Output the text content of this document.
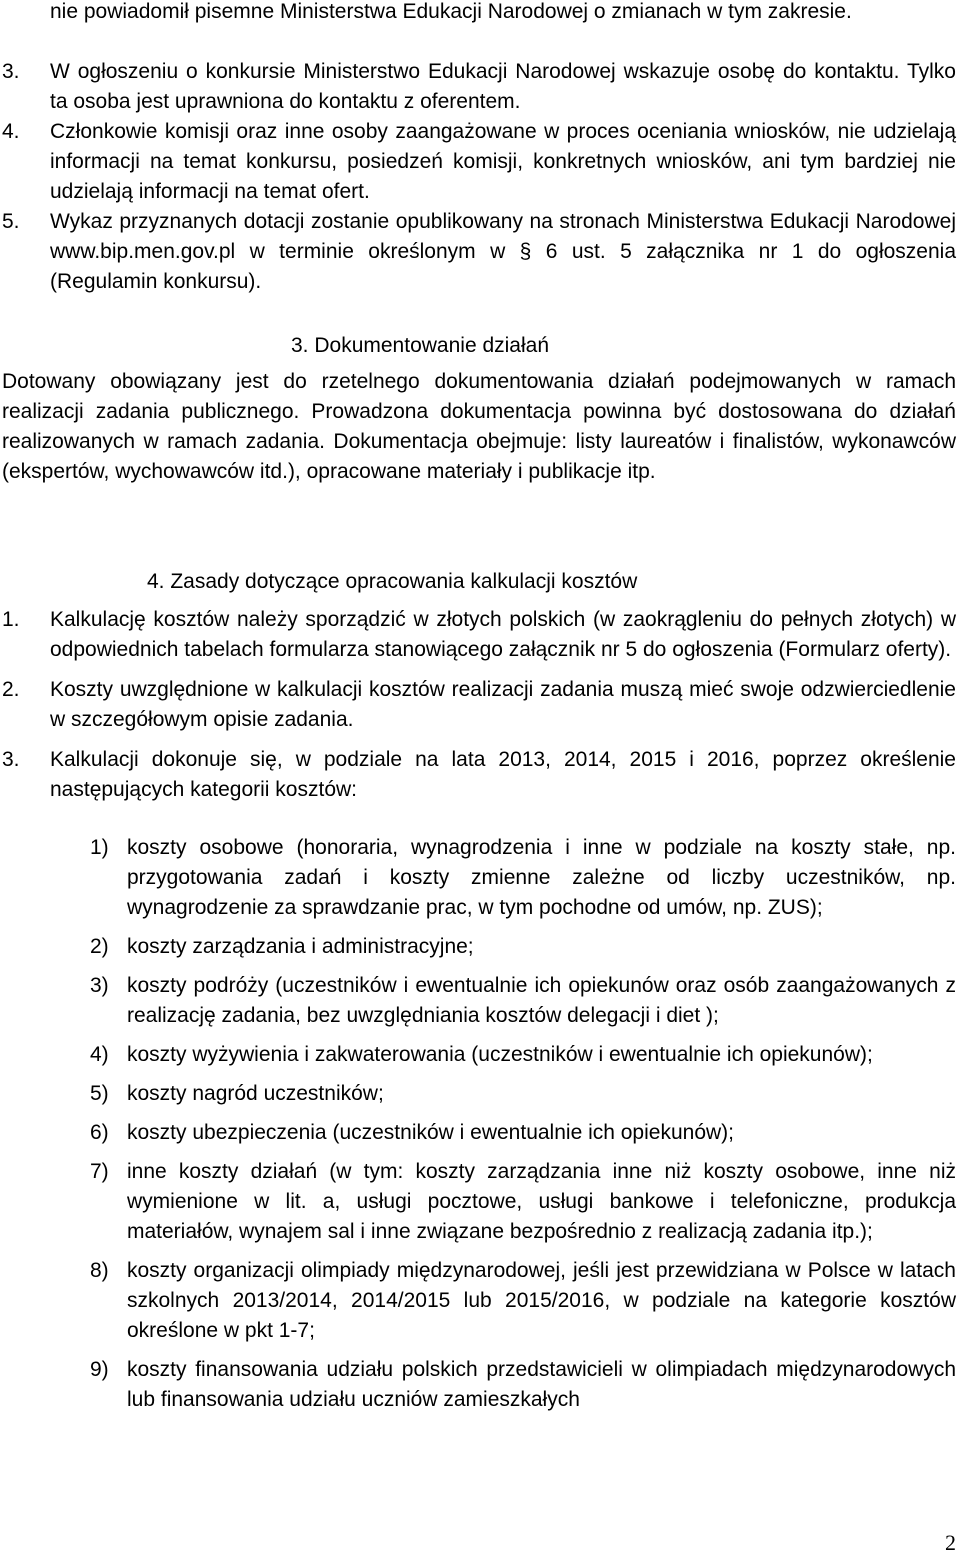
nie powiadomił pisemne Ministerstwa Edukacji Narodowej o zmianach w tym zakresie.
3.	W ogłoszeniu o konkursie Ministerstwo Edukacji Narodowej wskazuje osobę do kontaktu. Tylko ta osoba jest uprawniona do kontaktu z oferentem.
4.	Członkowie komisji oraz inne osoby zaangażowane w proces oceniania wniosków, nie udzielają informacji na temat konkursu, posiedzeń komisji, konkretnych wniosków, ani tym bardziej nie udzielają informacji na temat ofert.
5.	Wykaz przyznanych dotacji zostanie opublikowany na stronach Ministerstwa Edukacji Narodowej www.bip.men.gov.pl w terminie określonym w § 6 ust. 5 załącznika nr 1 do ogłoszenia (Regulamin konkursu).
3. Dokumentowanie działań
Dotowany obowiązany jest do rzetelnego dokumentowania działań podejmowanych w ramach realizacji zadania publicznego. Prowadzona dokumentacja powinna być dostosowana do działań realizowanych w ramach zadania. Dokumentacja obejmuje: listy laureatów i finalistów, wykonawców (ekspertów, wychowawców itd.), opracowane materiały i publikacje itp.
4. Zasady dotyczące opracowania kalkulacji kosztów
1.	Kalkulację kosztów należy sporządzić w złotych polskich (w zaokrągleniu do pełnych złotych) w odpowiednich tabelach formularza stanowiącego załącznik nr 5 do ogłoszenia (Formularz oferty).
2.	Koszty uwzględnione w kalkulacji kosztów realizacji zadania muszą mieć swoje odzwierciedlenie w szczegółowym opisie zadania.
3.	Kalkulacji dokonuje się, w podziale na lata 2013, 2014, 2015 i 2016, poprzez określenie następujących kategorii kosztów:
1) koszty osobowe (honoraria, wynagrodzenia i inne w podziale na koszty stałe, np. przygotowania zadań i koszty zmienne zależne od liczby uczestników, np. wynagrodzenie za sprawdzanie prac, w tym pochodne od umów, np. ZUS);
2) koszty zarządzania i administracyjne;
3) koszty podróży (uczestników i ewentualnie ich opiekunów oraz osób zaangażowanych z realizację zadania, bez uwzględniania kosztów delegacji i diet );
4) koszty wyżywienia i zakwaterowania (uczestników i ewentualnie ich opiekunów);
5) koszty nagród uczestników;
6) koszty ubezpieczenia (uczestników i ewentualnie ich opiekunów);
7) inne koszty działań (w tym: koszty zarządzania inne niż koszty osobowe, inne niż wymienione w lit. a, usługi pocztowe, usługi bankowe i telefoniczne, produkcja materiałów, wynajem sal i inne związane bezpośrednio z realizacją zadania itp.);
8) koszty organizacji olimpiady międzynarodowej, jeśli jest przewidziana w Polsce w latach szkolnych 2013/2014, 2014/2015 lub 2015/2016, w podziale na kategorie kosztów określone w pkt 1-7;
9) koszty finansowania udziału polskich przedstawicieli w olimpiadach międzynarodowych lub finansowania udziału uczniów zamieszkałych
2
